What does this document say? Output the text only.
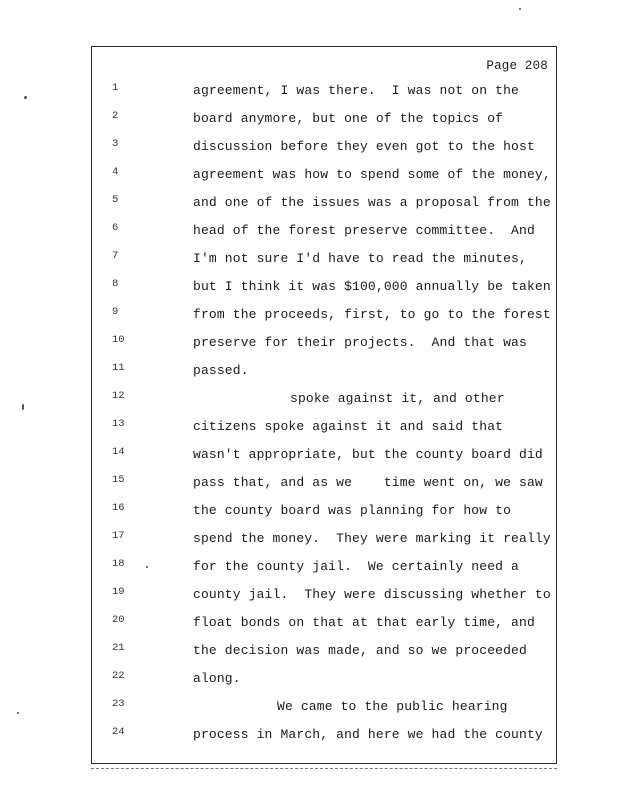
Page 208
1	agreement, I was there.  I was not on the
2	board anymore, but one of the topics of
3	discussion before they even got to the host
4	agreement was how to spend some of the money,
5	and one of the issues was a proposal from the
6	head of the forest preserve committee.  And
7	I'm not sure I'd have to read the minutes,
8	but I think it was $100,000 annually be taken
9	from the proceeds, first, to go to the forest
10	preserve for their projects.  And that was
11	passed.
12	spoke against it, and other
13	citizens spoke against it and said that
14	wasn't appropriate, but the county board did
15	pass that, and as we    time went on, we saw
16	the county board was planning for how to
17	spend the money.  They were marking it really
18	for the county jail.  We certainly need a
19	county jail.  They were discussing whether to
20	float bonds on that at that early time, and
21	the decision was made, and so we proceeded
22	along.
23	We came to the public hearing
24	process in March, and here we had the county
